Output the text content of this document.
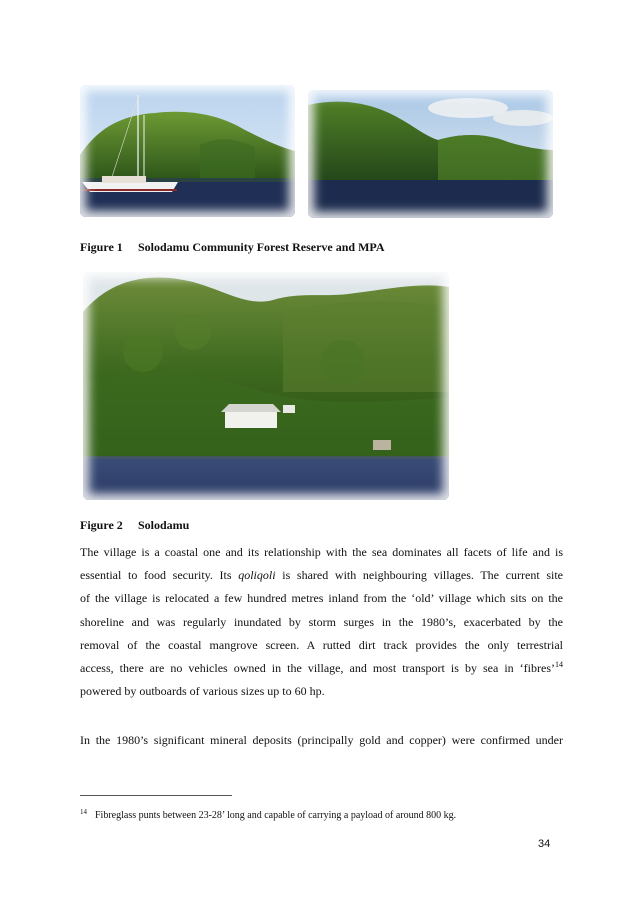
Figure 1 Solodamu Community Forest Reserve and MPA
Figure 2 Solodamu
The village is a coastal one and its relationship with the sea dominates all facets of life and is
essential to food security. Its qoliqoli is shared with neighbouring villages. The current site
of the village is relocated a few hundred metres inland from the ‘old’ village which sits on the
shoreline and was regularly inundated by storm surges in the 1980’s, exacerbated by the
removal of the coastal mangrove screen. A rutted dirt track provides the only terrestrial
access, there are no vehicles owned in the village, and most transport is by sea in ‘fibres’$^{14}$
powered by outboards of various sizes up to 60 hp.
In the 1980’s significant mineral deposits (principally gold and copper) were confirmed under
$^{14}$ Fibreglass punts between 23-28’ long and capable of carrying a payload of around 800 kg.
34
